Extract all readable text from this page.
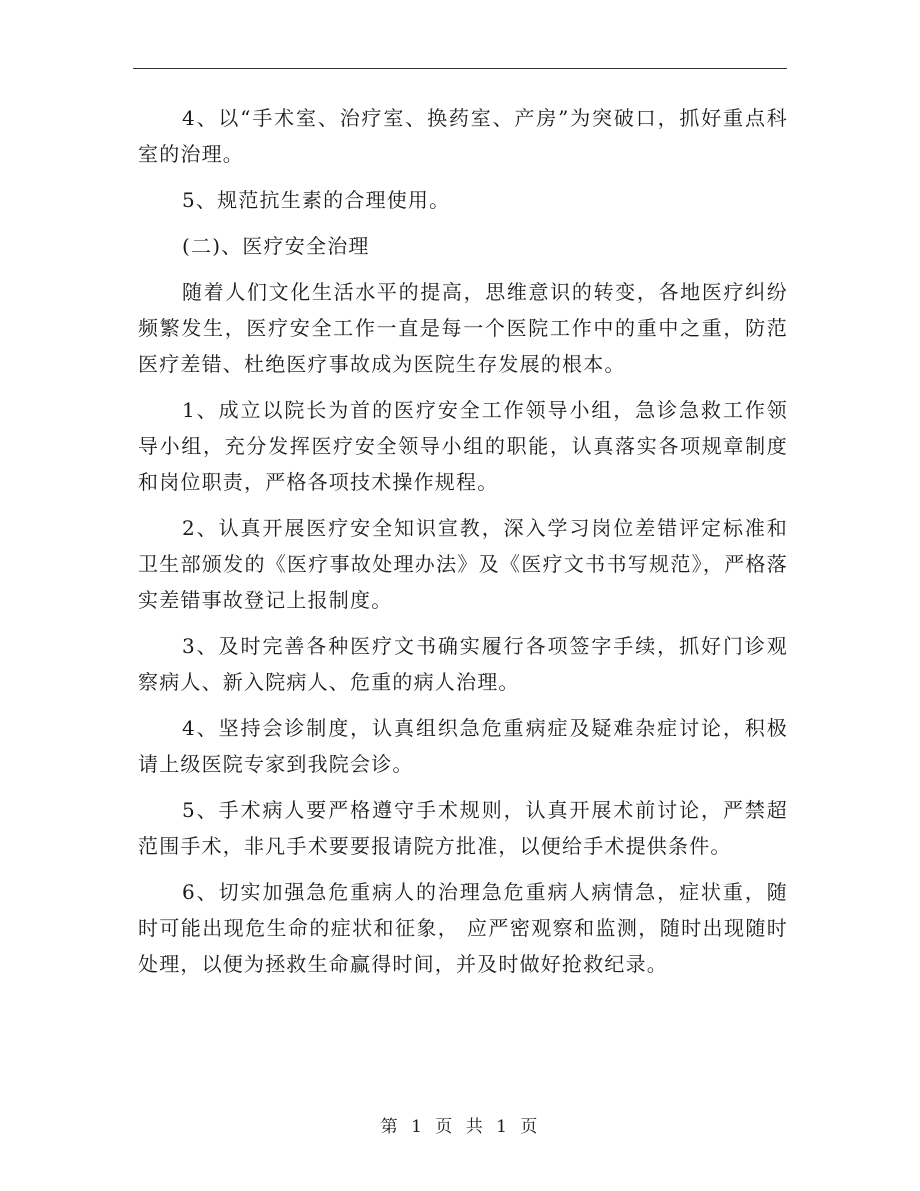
4、以“手术室、治疗室、换药室、产房”为突破口，抓好重点科室的治理。

5、规范抗生素的合理使用。

(二)、医疗安全治理

随着人们文化生活水平的提高，思维意识的转变，各地医疗纠纷频繁发生，医疗安全工作一直是每一个医院工作中的重中之重，防范医疗差错、杜绝医疗事故成为医院生存发展的根本。

1、成立以院长为首的医疗安全工作领导小组，急诊急救工作领导小组，充分发挥医疗安全领导小组的职能，认真落实各项规章制度和岗位职责，严格各项技术操作规程。

2、认真开展医疗安全知识宣教，深入学习岗位差错评定标准和卫生部颁发的《医疗事故处理办法》及《医疗文书书写规范》，严格落实差错事故登记上报制度。

3、及时完善各种医疗文书确实履行各项签字手续，抓好门诊观察病人、新入院病人、危重的病人治理。

4、坚持会诊制度，认真组织急危重病症及疑难杂症讨论，积极请上级医院专家到我院会诊。

5、手术病人要严格遵守手术规则，认真开展术前讨论，严禁超范围手术，非凡手术要要报请院方批准，以便给手术提供条件。

6、切实加强急危重病人的治理急危重病人病情急，症状重，随时可能出现危生命的症状和征象， 应严密观察和监测，随时出现随时处理，以便为拯救生命赢得时间，并及时做好抢救纪录。

第 1 页 共 1 页
